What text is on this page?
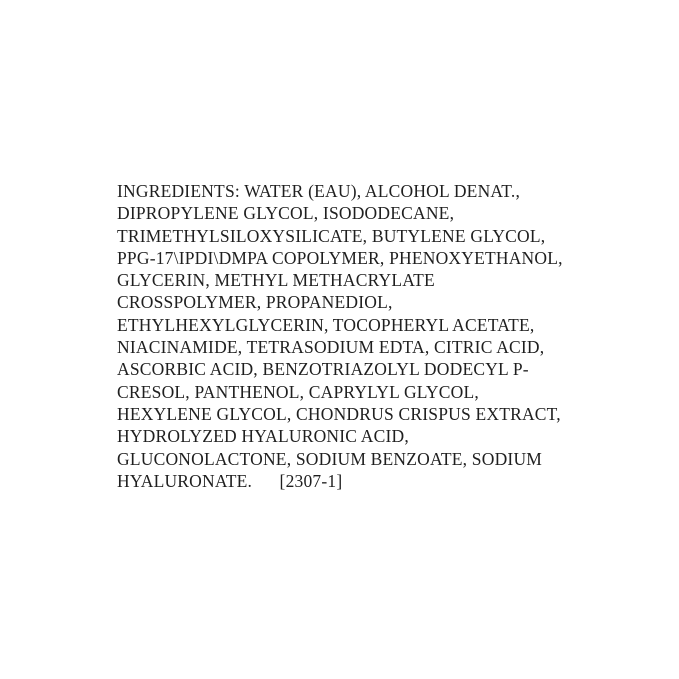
INGREDIENTS: WATER (EAU), ALCOHOL DENAT.,
DIPROPYLENE GLYCOL, ISODODECANE,
TRIMETHYLSILOXYSILICATE, BUTYLENE GLYCOL,
PPG-17\IPDI\DMPA COPOLYMER, PHENOXYETHANOL,
GLYCERIN, METHYL METHACRYLATE
CROSSPOLYMER, PROPANEDIOL,
ETHYLHEXYLGLYCERIN, TOCOPHERYL ACETATE,
NIACINAMIDE, TETRASODIUM EDTA, CITRIC ACID,
ASCORBIC ACID, BENZOTRIAZOLYL DODECYL P-
CRESOL, PANTHENOL, CAPRYLYL GLYCOL,
HEXYLENE GLYCOL, CHONDRUS CRISPUS EXTRACT,
HYDROLYZED HYALURONIC ACID,
GLUCONOLACTONE, SODIUM BENZOATE, SODIUM
HYALURONATE.      [2307-1]
